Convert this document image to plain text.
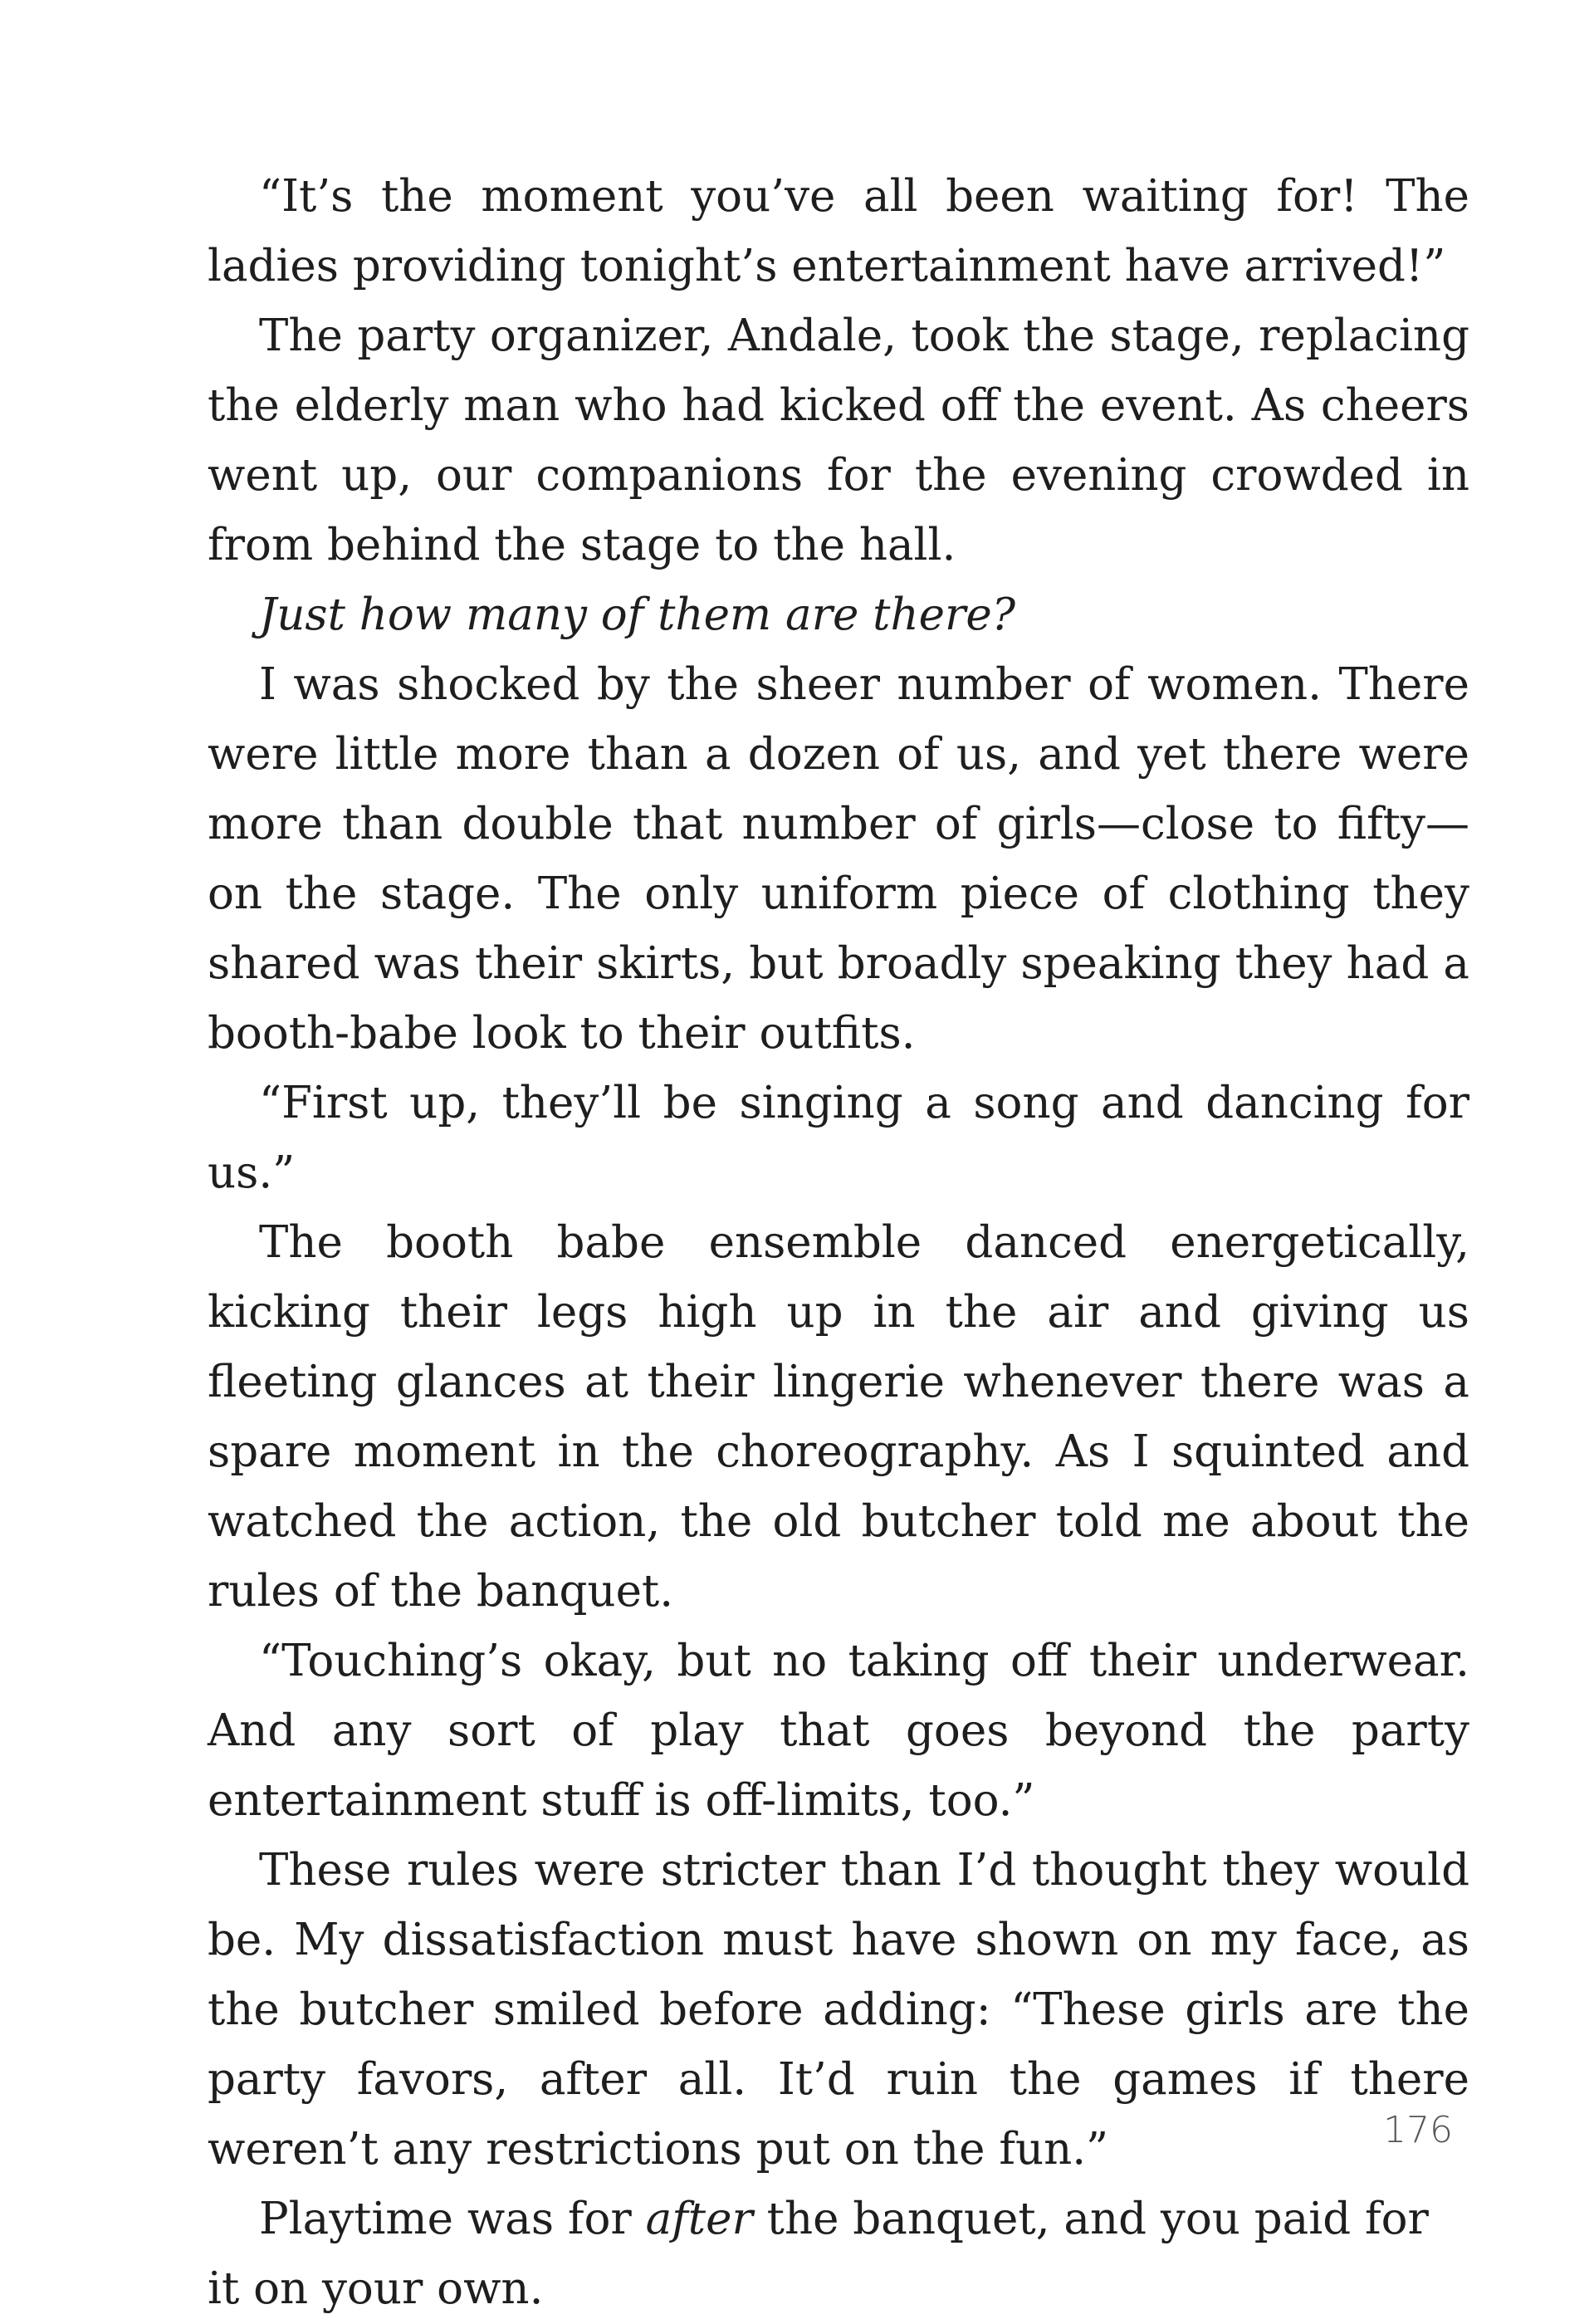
“It’s the moment you’ve all been waiting for! The ladies providing tonight’s entertainment have arrived!”

The party organizer, Andale, took the stage, replacing the elderly man who had kicked off the event. As cheers went up, our companions for the evening crowded in from behind the stage to the hall.

Just how many of them are there?

I was shocked by the sheer number of women. There were little more than a dozen of us, and yet there were more than double that number of girls—close to fifty—on the stage. The only uniform piece of clothing they shared was their skirts, but broadly speaking they had a booth-babe look to their outfits.

“First up, they’ll be singing a song and dancing for us.”

The booth babe ensemble danced energetically, kicking their legs high up in the air and giving us fleeting glances at their lingerie whenever there was a spare moment in the choreography. As I squinted and watched the action, the old butcher told me about the rules of the banquet.

“Touching’s okay, but no taking off their underwear. And any sort of play that goes beyond the party entertainment stuff is off-limits, too.”

These rules were stricter than I’d thought they would be. My dissatisfaction must have shown on my face, as the butcher smiled before adding: “These girls are the party favors, after all. It’d ruin the games if there weren’t any restrictions put on the fun.”

Playtime was for after the banquet, and you paid for it on your own.

176
